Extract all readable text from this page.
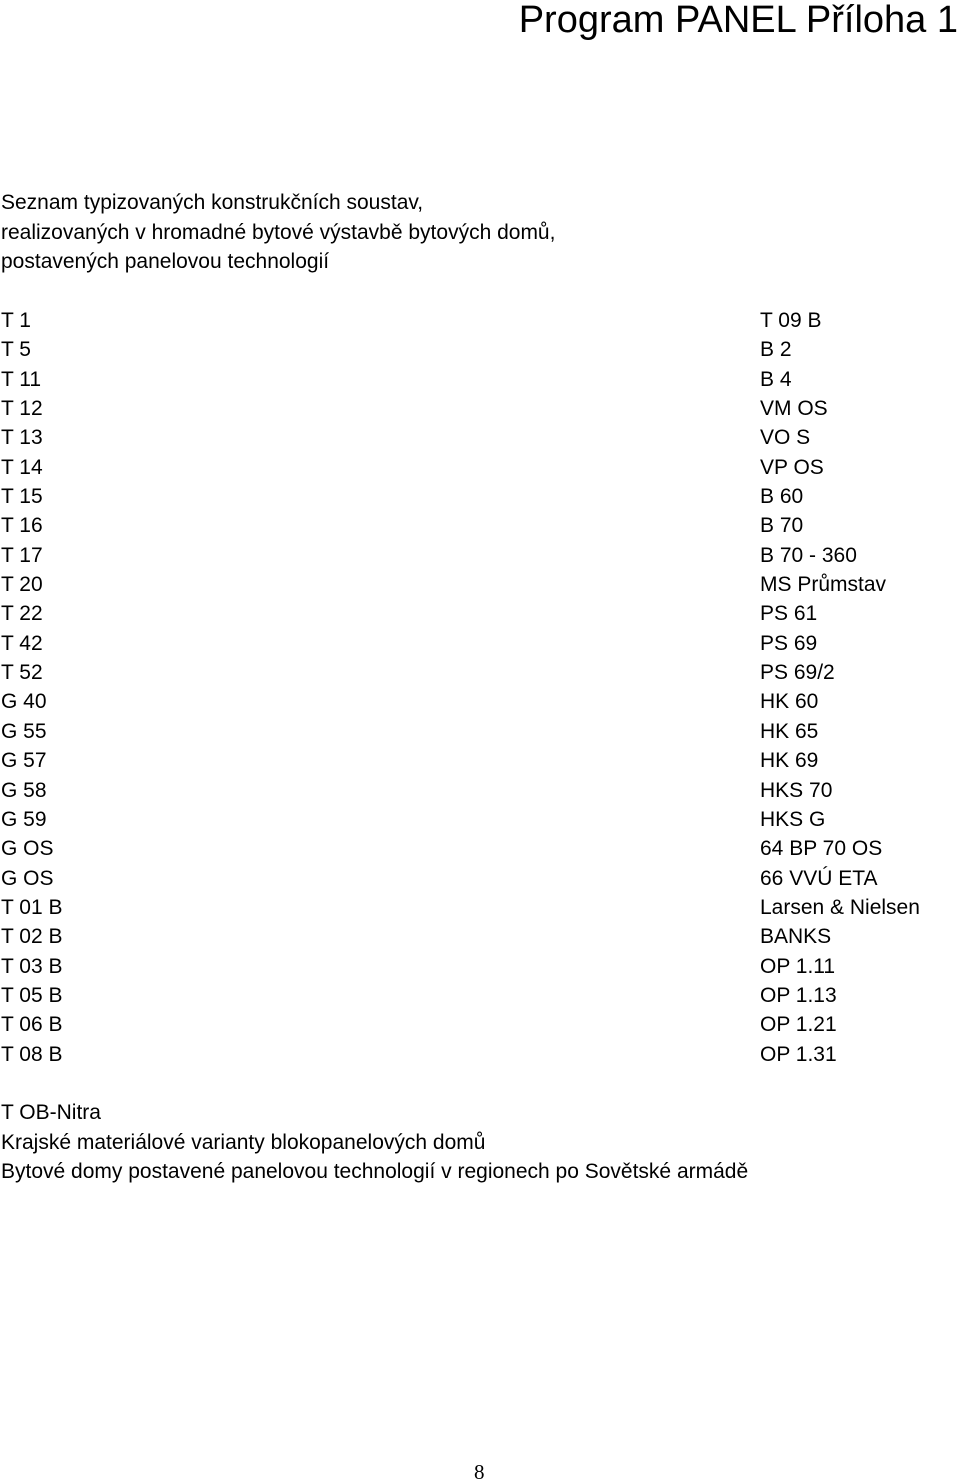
Program PANEL Příloha 1
Seznam typizovaných konstrukčních soustav,
realizovaných v hromadné bytové výstavbě bytových domů,
postavených panelovou technologií
T 1
T 5
T 11
T 12
T 13
T 14
T 15
T 16
T 17
T 20
T 22
T 42
T 52
G 40
G 55
G 57
G 58
G 59
G OS
G OS
T 01 B
T 02 B
T 03 B
T 05 B
T 06 B
T 08 B
T 09 B
B 2
B 4
VM OS
VO S
VP OS
B 60
B 70
B 70 - 360
MS Průmstav
PS 61
PS 69
PS 69/2
HK 60
HK 65
HK 69
HKS 70
HKS G
64 BP 70 OS
66 VVÚ ETA
Larsen & Nielsen
BANKS
OP 1.11
OP 1.13
OP 1.21
OP 1.31
T OB-Nitra
Krajské materiálové varianty blokopanelových domů
Bytové domy postavené panelovou technologií v regionech po Sovětské armádě
8
